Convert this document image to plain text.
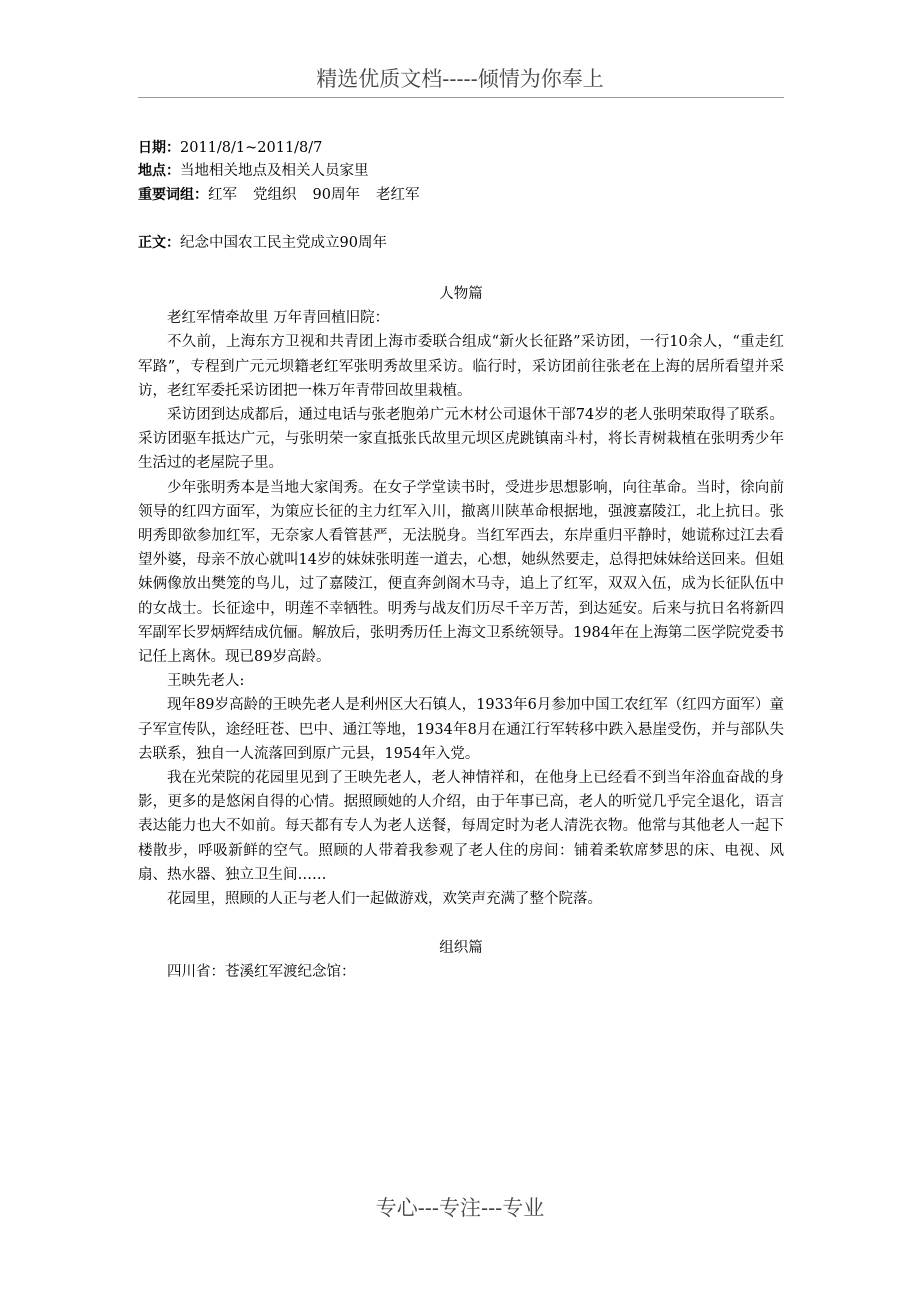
精选优质文档-----倾情为你奉上
日期：2011/8/1~2011/8/7
地点：当地相关地点及相关人员家里
重要词组：红军 党组织 90周年 老红军
正文：纪念中国农工民主党成立90周年

人物篇

老红军情牵故里 万年青回植旧院：

不久前，上海东方卫视和共青团上海市委联合组成“新火长征路”采访团，一行10余人，“重走红军路”，专程到广元元坝籍老红军张明秀故里采访。临行时，采访团前往张老在上海的居所看望并采访，老红军委托采访团把一株万年青带回故里栽植。

采访团到达成都后，通过电话与张老胞弟广元木材公司退休干部74岁的老人张明荣取得了联系。采访团驱车抵达广元，与张明荣一家直抵张氏故里元坝区虎跳镇南斗村，将长青树栽植在张明秀少年生活过的老屋院子里。

少年张明秀本是当地大家闺秀。在女子学堂读书时，受进步思想影响，向往革命。当时，徐向前领导的红四方面军，为策应长征的主力红军入川，撤离川陕革命根据地，强渡嘉陵江，北上抗日。张明秀即欲参加红军，无奈家人看管甚严，无法脱身。当红军西去，东岸重归平静时，她谎称过江去看望外婆，母亲不放心就叫14岁的妹妹张明莲一道去，心想，她纵然要走，总得把妹妹给送回来。但姐妹俩像放出樊笼的鸟儿，过了嘉陵江，便直奔剑阁木马寺，追上了红军，双双入伍，成为长征队伍中的女战士。长征途中，明莲不幸牺牲。明秀与战友们历尽千辛万苦，到达延安。后来与抗日名将新四军副军长罗炳辉结成伉俪。解放后，张明秀历任上海文卫系统领导。1984年在上海第二医学院党委书记任上离休。现已89岁高龄。

王映先老人:

现年89岁高龄的王映先老人是利州区大石镇人，1933年6月参加中国工农红军（红四方面军）童子军宣传队，途经旺苍、巴中、通江等地，1934年8月在通江行军转移中跌入悬崖受伤，并与部队失去联系，独自一人流落回到原广元县，1954年入党。

我在光荣院的花园里见到了王映先老人，老人神情祥和，在他身上已经看不到当年浴血奋战的身影，更多的是悠闲自得的心情。据照顾她的人介绍，由于年事已高，老人的听觉几乎完全退化，语言表达能力也大不如前。每天都有专人为老人送餐，每周定时为老人清洗衣物。他常与其他老人一起下楼散步，呼吸新鲜的空气。照顾的人带着我参观了老人住的房间：铺着柔软席梦思的床、电视、风扇、热水器、独立卫生间……

花园里，照顾的人正与老人们一起做游戏，欢笑声充满了整个院落。

组织篇

四川省：苍溪红军渡纪念馆：

专心---专注---专业
